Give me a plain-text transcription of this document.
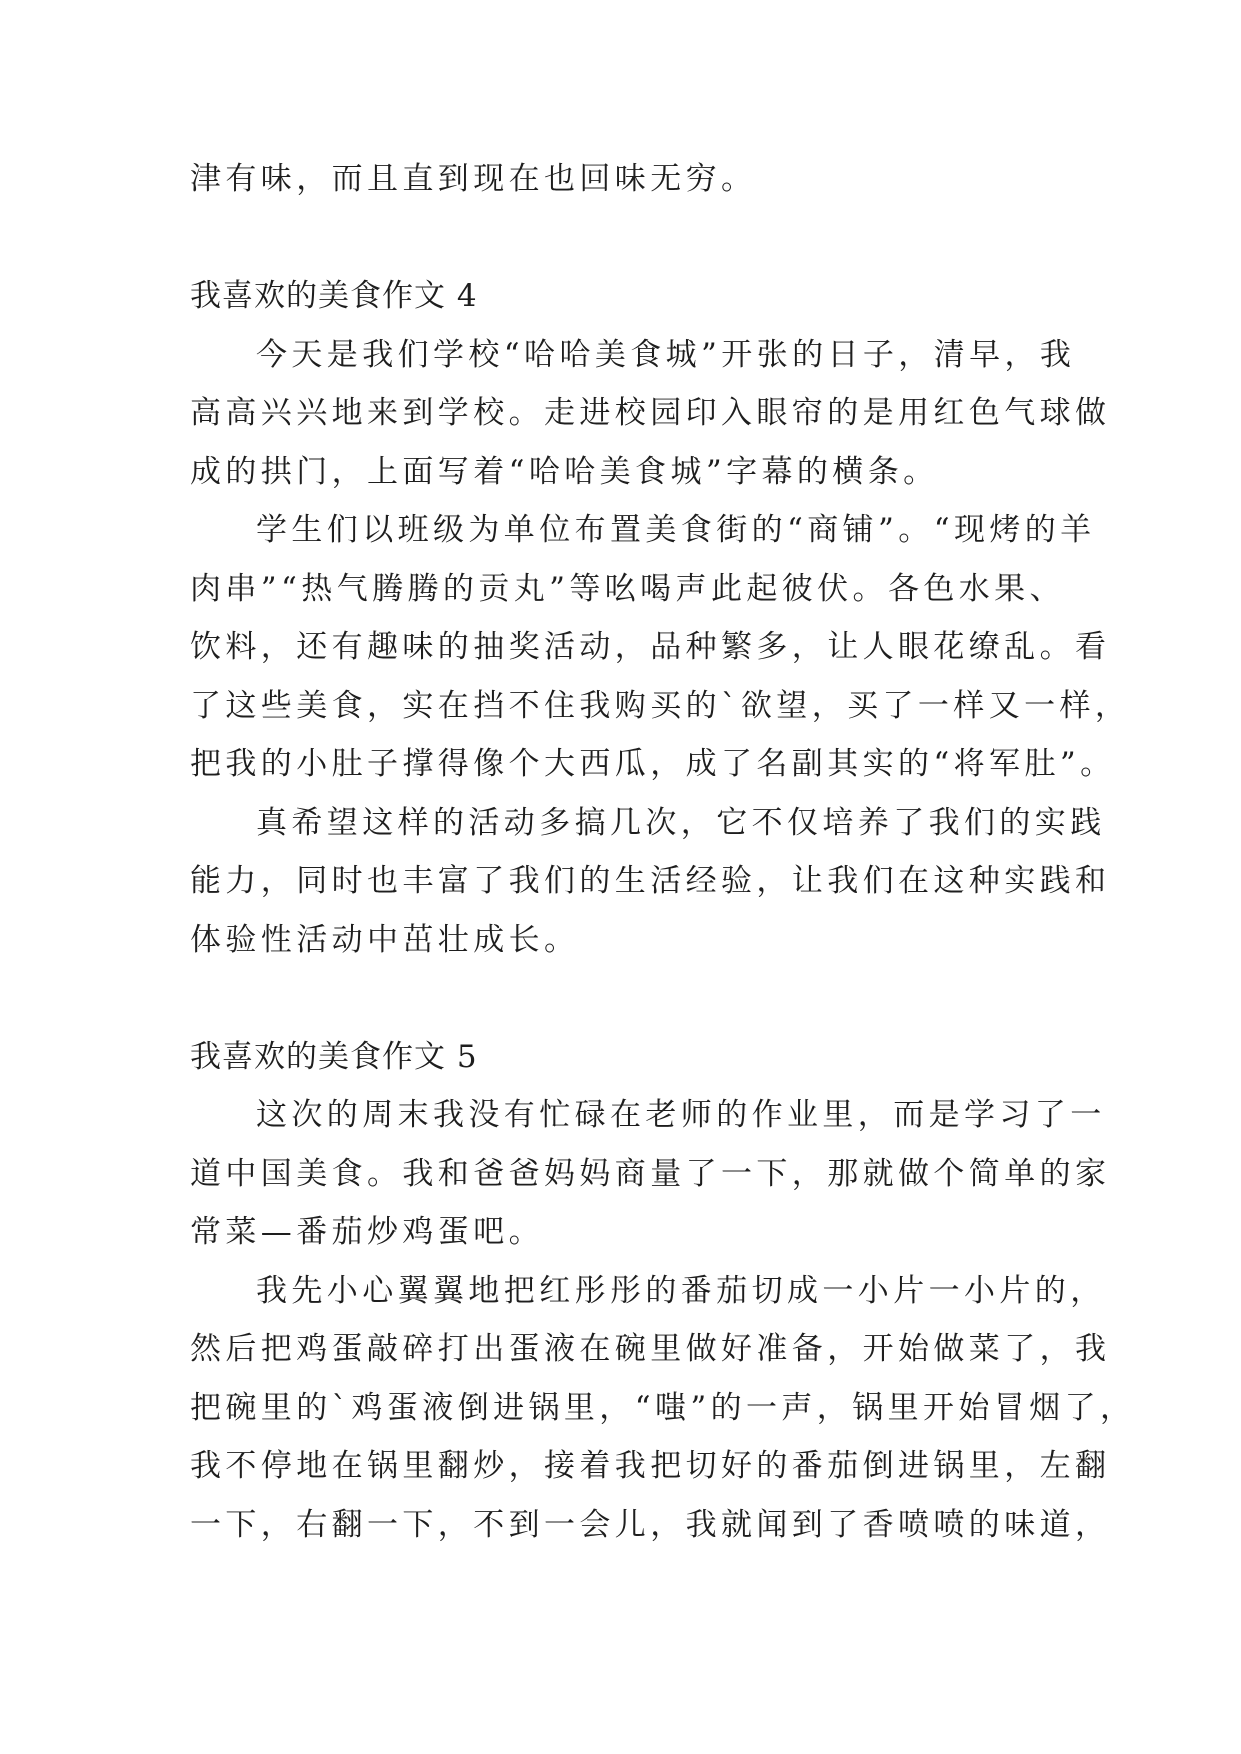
津有味，而且直到现在也回味无穷。
我喜欢的美食作文 4
今天是我们学校“哈哈美食城”开张的日子，清早，我
高高兴兴地来到学校。走进校园印入眼帘的是用红色气球做
成的拱门，上面写着“哈哈美食城”字幕的横条。
学生们以班级为单位布置美食街的“商铺”。“现烤的羊
肉串”“热气腾腾的贡丸”等吆喝声此起彼伏。各色水果、
饮料，还有趣味的抽奖活动，品种繁多，让人眼花缭乱。看
了这些美食，实在挡不住我购买的`欲望，买了一样又一样，
把我的小肚子撑得像个大西瓜，成了名副其实的“将军肚”。
真希望这样的活动多搞几次，它不仅培养了我们的实践
能力，同时也丰富了我们的生活经验，让我们在这种实践和
体验性活动中茁壮成长。
我喜欢的美食作文 5
这次的周末我没有忙碌在老师的作业里，而是学习了一
道中国美食。我和爸爸妈妈商量了一下，那就做个简单的家
常菜—番茄炒鸡蛋吧。
我先小心翼翼地把红彤彤的番茄切成一小片一小片的，
然后把鸡蛋敲碎打出蛋液在碗里做好准备，开始做菜了，我
把碗里的`鸡蛋液倒进锅里，“嗤”的一声，锅里开始冒烟了，
我不停地在锅里翻炒，接着我把切好的番茄倒进锅里，左翻
一下，右翻一下，不到一会儿，我就闻到了香喷喷的味道，
